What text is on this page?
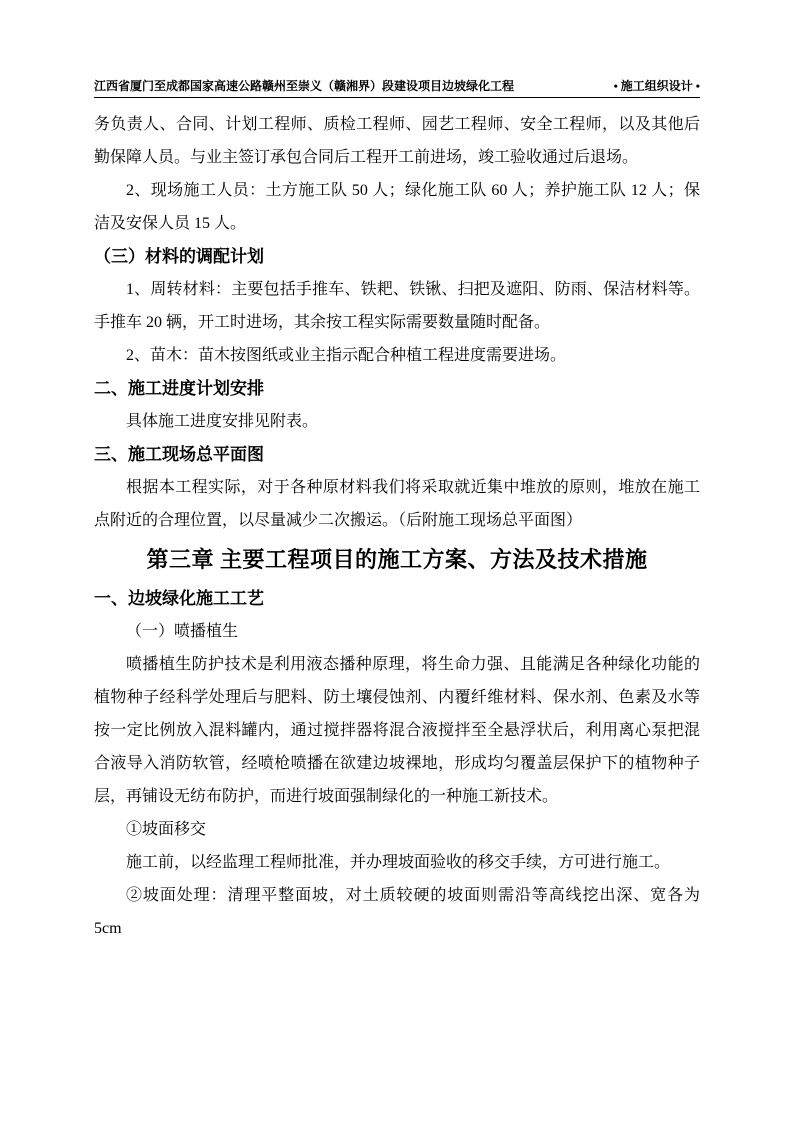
江西省厦门至成都国家高速公路赣州至崇义（赣湘界）段建设项目边坡绿化工程	• 施工组织设计 •

务负责人、合同、计划工程师、质检工程师、园艺工程师、安全工程师，以及其他后勤保障人员。与业主签订承包合同后工程开工前进场，竣工验收通过后退场。

2、现场施工人员：土方施工队 50 人；绿化施工队 60 人；养护施工队 12 人；保洁及安保人员 15 人。

（三）材料的调配计划

1、周转材料：主要包括手推车、铁耙、铁锹、扫把及遮阳、防雨、保洁材料等。手推车 20 辆，开工时进场，其余按工程实际需要数量随时配备。

2、苗木：苗木按图纸或业主指示配合种植工程进度需要进场。

二、施工进度计划安排

具体施工进度安排见附表。

三、施工现场总平面图

根据本工程实际，对于各种原材料我们将采取就近集中堆放的原则，堆放在施工点附近的合理位置，以尽量减少二次搬运。（后附施工现场总平面图）

第三章 主要工程项目的施工方案、方法及技术措施

一、边坡绿化施工工艺

（一）喷播植生

喷播植生防护技术是利用液态播种原理，将生命力强、且能满足各种绿化功能的植物种子经科学处理后与肥料、防土壤侵蚀剂、内覆纤维材料、保水剂、色素及水等按一定比例放入混料罐内，通过搅拌器将混合液搅拌至全悬浮状后，利用离心泵把混合液导入消防软管，经喷枪喷播在欲建边坡裸地，形成均匀覆盖层保护下的植物种子层，再铺设无纺布防护，而进行坡面强制绿化的一种施工新技术。

①坡面移交

施工前，以经监理工程师批准，并办理坡面验收的移交手续，方可进行施工。

②坡面处理：清理平整面坡，对土质较硬的坡面则需沿等高线挖出深、宽各为 5cm
